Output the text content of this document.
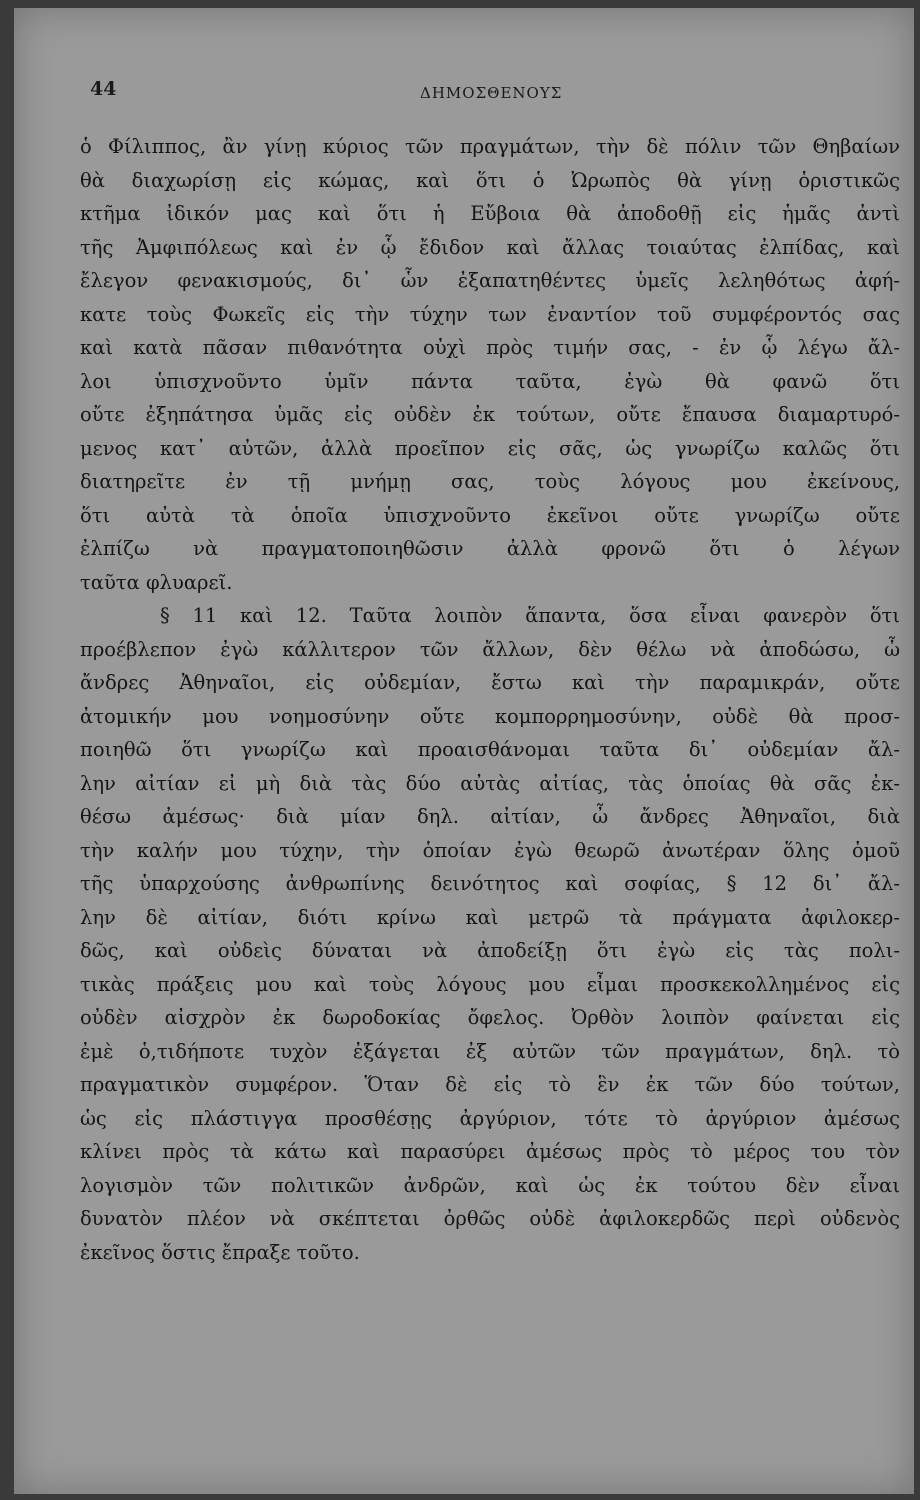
44	ΔΗΜΟΣΘΕΝΟΥΣ
ὁ Φίλιππος, ἂν γίνῃ κύριος τῶν πραγμάτων, τὴν δὲ πόλιν τῶν Θηβαίων
θὰ διαχωρίσῃ εἰς κώμας, καὶ ὅτι ὁ Ὠρωπὸς θὰ γίνῃ ὁριστικῶς
κτῆμα ἰδικόν μας καὶ ὅτι ἡ Εὔβοια θὰ ἀποδοθῇ εἰς ἡμᾶς ἀντὶ
τῆς Ἀμφιπόλεως καὶ ἐν ᾧ ἔδιδον καὶ ἄλλας τοιαύτας ἐλπίδας, καὶ
ἔλεγον φενακισμούς, δι᾽ ὧν ἐξαπατηθέντες ὑμεῖς λεληθότως ἀφή-
κατε τοὺς Φωκεῖς εἰς τὴν τύχην των ἐναντίον τοῦ συμφέροντός σας
καὶ κατὰ πᾶσαν πιθανότητα οὐχὶ πρὸς τιμήν σας, - ἐν ᾧ λέγω ἄλ-
λοι ὑπισχνοῦντο ὑμῖν πάντα ταῦτα, ἐγὼ θὰ φανῶ ὅτι
οὔτε ἐξηπάτησα ὑμᾶς εἰς οὐδὲν ἐκ τούτων, οὔτε ἔπαυσα διαμαρτυρό-
μενος κατ᾽ αὐτῶν, ἀλλὰ προεῖπον εἰς σᾶς, ὡς γνωρίζω καλῶς ὅτι
διατηρεῖτε ἐν τῇ μνήμῃ σας, τοὺς λόγους μου ἐκείνους,
ὅτι αὐτὰ τὰ ὁποῖα ὑπισχνοῦντο ἐκεῖνοι οὔτε γνωρίζω οὔτε
ἐλπίζω νὰ πραγματοποιηθῶσιν ἀλλὰ φρονῶ ὅτι ὁ λέγων
ταῦτα φλυαρεῖ.
§ 11 καὶ 12. Ταῦτα λοιπὸν ἅπαντα, ὅσα εἶναι φανερὸν ὅτι
προέβλεπον ἐγὼ κάλλιτερον τῶν ἄλλων, δὲν θέλω νὰ ἀποδώσω, ὦ
ἄνδρες Ἀθηναῖοι, εἰς οὐδεμίαν, ἔστω καὶ τὴν παραμικράν, οὔτε
ἀτομικήν μου νοημοσύνην οὔτε κομπορρημοσύνην, οὐδὲ θὰ προσ-
ποιηθῶ ὅτι γνωρίζω καὶ προαισθάνομαι ταῦτα δι᾽ οὐδεμίαν ἄλ-
λην αἰτίαν εἰ μὴ διὰ τὰς δύο αὐτὰς αἰτίας, τὰς ὁποίας θὰ σᾶς ἐκ-
θέσω ἀμέσως· διὰ μίαν δηλ. αἰτίαν, ὦ ἄνδρες Ἀθηναῖοι, διὰ
τὴν καλήν μου τύχην, τὴν ὁποίαν ἐγὼ θεωρῶ ἀνωτέραν ὅλης ὁμοῦ
τῆς ὑπαρχούσης ἀνθρωπίνης δεινότητος καὶ σοφίας, § 12 δι᾽ ἄλ-
λην δὲ αἰτίαν, διότι κρίνω καὶ μετρῶ τὰ πράγματα ἀφιλοκερ-
δῶς, καὶ οὐδεὶς δύναται νὰ ἀποδείξῃ ὅτι ἐγὼ εἰς τὰς πολι-
τικὰς πράξεις μου καὶ τοὺς λόγους μου εἶμαι προσκεκολλημένος εἰς
οὐδὲν αἰσχρὸν ἐκ δωροδοκίας ὄφελος. Ὀρθὸν λοιπὸν φαίνεται εἰς
ἐμὲ ὁ,τιδήποτε τυχὸν ἐξάγεται ἐξ αὐτῶν τῶν πραγμάτων, δηλ. τὸ
πραγματικὸν συμφέρον. Ὅταν δὲ εἰς τὸ ἓν ἐκ τῶν δύο τούτων,
ὡς εἰς πλάστιγγα προσθέσῃς ἀργύριον, τότε τὸ ἀργύριον ἀμέσως
κλίνει πρὸς τὰ κάτω καὶ παρασύρει ἀμέσως πρὸς τὸ μέρος του τὸν
λογισμὸν τῶν πολιτικῶν ἀνδρῶν, καὶ ὡς ἐκ τούτου δὲν εἶναι
δυνατὸν πλέον νὰ σκέπτεται ὀρθῶς οὐδὲ ἀφιλοκερδῶς περὶ οὐδενὸς
ἐκεῖνος ὅστις ἔπραξε τοῦτο.
